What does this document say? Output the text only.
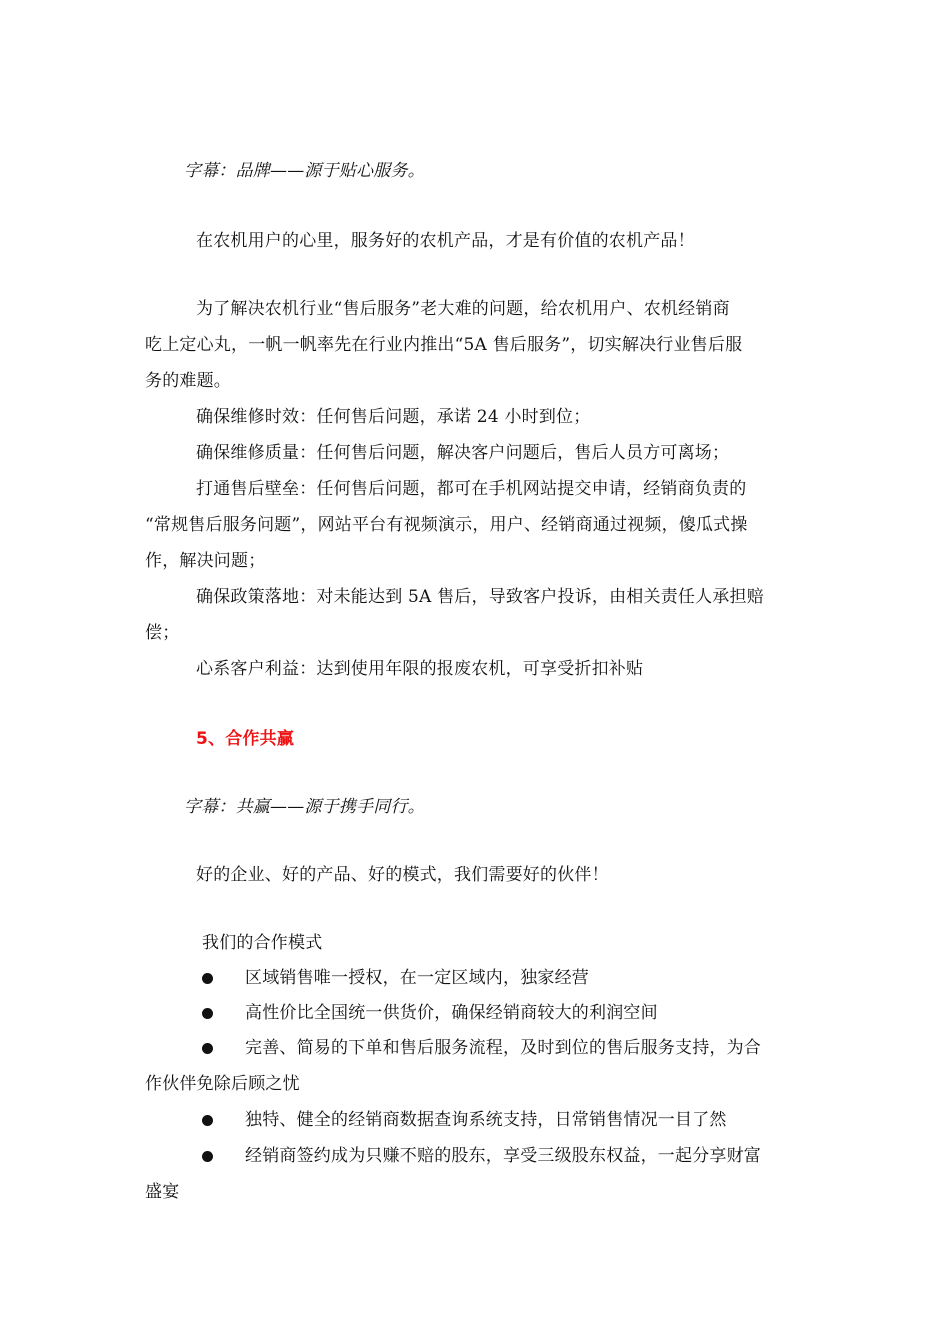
字幕：品牌——源于贴心服务。
在农机用户的心里，服务好的农机产品，才是有价值的农机产品！
为了解决农机行业“售后服务”老大难的问题，给农机用户、农机经销商
吃上定心丸，一帆一帆率先在行业内推出“5A 售后服务”，切实解决行业售后服
务的难题。
确保维修时效：任何售后问题，承诺 24 小时到位；
确保维修质量：任何售后问题，解决客户问题后，售后人员方可离场；
打通售后壁垒：任何售后问题，都可在手机网站提交申请，经销商负责的
“常规售后服务问题”，网站平台有视频演示，用户、经销商通过视频，傻瓜式操
作，解决问题；
确保政策落地：对未能达到 5A 售后，导致客户投诉，由相关责任人承担赔
偿；
心系客户利益：达到使用年限的报废农机，可享受折扣补贴
5、合作共赢
字幕：共赢——源于携手同行。
好的企业、好的产品、好的模式，我们需要好的伙伴！
我们的合作模式
区域销售唯一授权，在一定区域内，独家经营
高性价比全国统一供货价，确保经销商较大的利润空间
完善、简易的下单和售后服务流程，及时到位的售后服务支持，为合
作伙伴免除后顾之忧
独特、健全的经销商数据查询系统支持，日常销售情况一目了然
经销商签约成为只赚不赔的股东，享受三级股东权益，一起分享财富
盛宴
